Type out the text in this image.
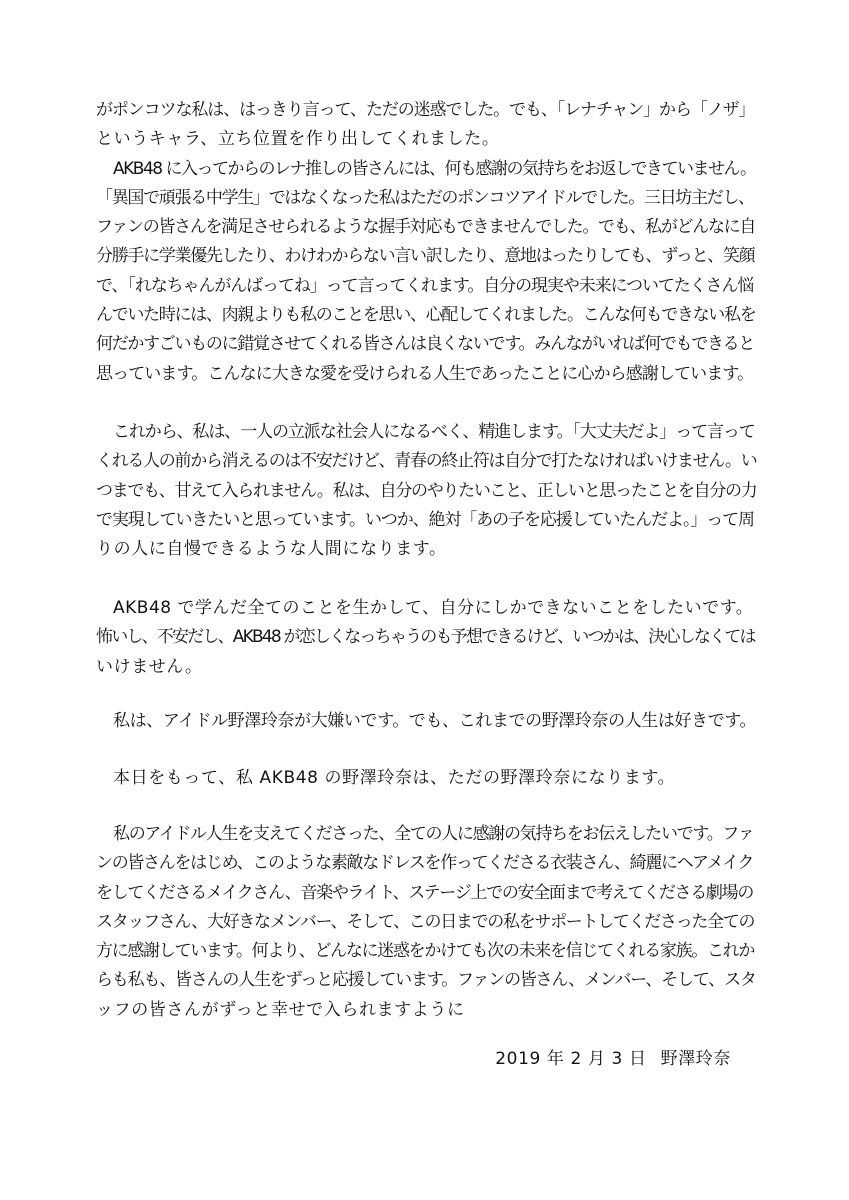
がポンコツな私は、はっきり言って、ただの迷惑でした。でも、「レナチャン」から「ノザ」
というキャラ、立ち位置を作り出してくれました。
AKB48 に入ってからのレナ推しの皆さんには、何も感謝の気持ちをお返しできていません。
「異国で頑張る中学生」ではなくなった私はただのポンコツアイドルでした。三日坊主だし、
ファンの皆さんを満足させられるような握手対応もできませんでした。でも、私がどんなに自
分勝手に学業優先したり、わけわからない言い訳したり、意地はったりしても、ずっと、笑顔
で、「れなちゃんがんばってね」って言ってくれます。自分の現実や未来についてたくさん悩
んでいた時には、肉親よりも私のことを思い、心配してくれました。こんな何もできない私を
何だかすごいものに錯覚させてくれる皆さんは良くないです。みんながいれば何でもできると
思っています。こんなに大きな愛を受けられる人生であったことに心から感謝しています。
これから、私は、一人の立派な社会人になるべく、精進します。「大丈夫だよ」って言って
くれる人の前から消えるのは不安だけど、青春の終止符は自分で打たなければいけません。い
つまでも、甘えて入られません。私は、自分のやりたいこと、正しいと思ったことを自分の力
で実現していきたいと思っています。いつか、絶対「あの子を応援していたんだよ。」って周
りの人に自慢できるような人間になります。
AKB48 で学んだ全てのことを生かして、自分にしかできないことをしたいです。
怖いし、不安だし、AKB48 が恋しくなっちゃうのも予想できるけど、いつかは、決心しなくては
いけません。
私は、アイドル野澤玲奈が大嫌いです。でも、これまでの野澤玲奈の人生は好きです。
本日をもって、私 AKB48 の野澤玲奈は、ただの野澤玲奈になります。
私のアイドル人生を支えてくださった、全ての人に感謝の気持ちをお伝えしたいです。ファ
ンの皆さんをはじめ、このような素敵なドレスを作ってくださる衣装さん、綺麗にヘアメイク
をしてくださるメイクさん、音楽やライト、ステージ上での安全面まで考えてくださる劇場の
スタッフさん、大好きなメンバー、そして、この日までの私をサポートしてくださった全ての
方に感謝しています。何より、どんなに迷惑をかけても次の未来を信じてくれる家族。これか
らも私も、皆さんの人生をずっと応援しています。ファンの皆さん、メンバー、そして、スタ
ッフの皆さんがずっと幸せで入られますように
2019 年 2 月 3 日 野澤玲奈
